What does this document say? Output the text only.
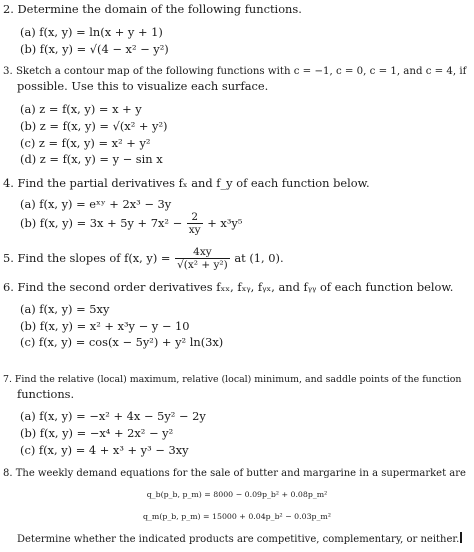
2. Determine the domain of the following functions.
(a) f(x, y) = ln(x + y + 1)
(b) f(x, y) = √(4 − x² − y²)
3. Sketch a contour map of the following functions with c = −1, c = 0, c = 1, and c = 4, if
possible. Use this to visualize each surface.
(a) z = f(x, y) = x + y
(b) z = f(x, y) = √(x² + y²)
(c) z = f(x, y) = x² + y²
(d) z = f(x, y) = y − sin x
4. Find the partial derivatives fₓ and f_y of each function below.
(a) f(x, y) = eˣʸ + 2x³ − 3y
(b) f(x, $y) = 3x + 5y + 7x^2 - \frac{2}{xy} + x^3y^5$
5. Find the slopes of f(x, $y) = \frac{4xy}{\text{√(x² + y²)}}$ at (1, 0).
6. Find the second order derivatives fₓₓ, fₓᵧ, fᵧₓ, and fᵧᵧ of each function below.
(a) f(x, y) = 5xy
(b) f(x, y) = x² + x³y − y − 10
(c) f(x, y) = cos(x − 5y²) + y² ln(3x)
7. Find the relative (local) maximum, relative (local) minimum, and saddle points of the function
functions.
(a) f(x, y) = −x² + 4x − 5y² − 2y
(b) f(x, y) = −x⁴ + 2x² − y²
(c) f(x, y) = 4 + x³ + y³ − 3xy
8. The weekly demand equations for the sale of butter and margarine in a supermarket are
q_b(p_b, p_m) = 8000 − 0.09p_b² + 0.08p_m²
q_m(p_b, p_m) = 15000 + 0.04p_b² − 0.03p_m²
Determine whether the indicated products are competitive, complementary, or neither.
